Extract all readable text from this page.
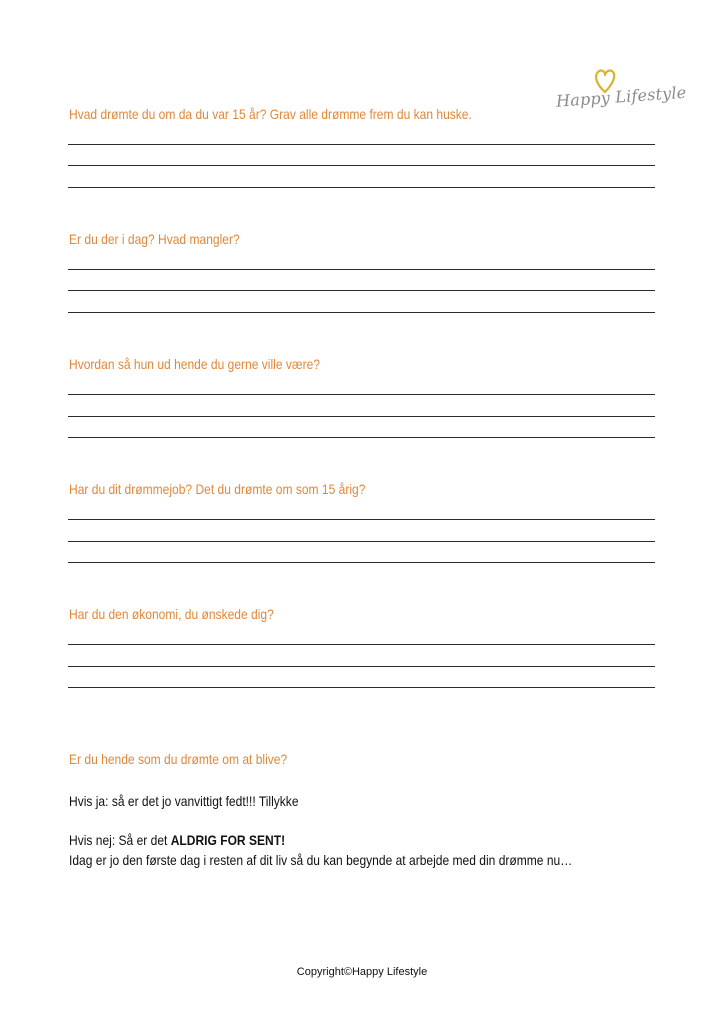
Happy Lifestyle
Hvad drømte du om da du var 15 år? Grav alle drømme frem du kan huske.
Er du der i dag? Hvad mangler?
Hvordan så hun ud hende du gerne ville være?
Har du dit drømmejob? Det du drømte om som 15 årig?
Har du den økonomi, du ønskede dig?
Er du hende som du drømte om at blive?
Hvis ja: så er det jo vanvittigt fedt!!! Tillykke
Hvis nej: Så er det ALDRIG FOR SENT!
Idag er jo den første dag i resten af dit liv så du kan begynde at arbejde med din drømme nu…
Copyright©Happy Lifestyle
